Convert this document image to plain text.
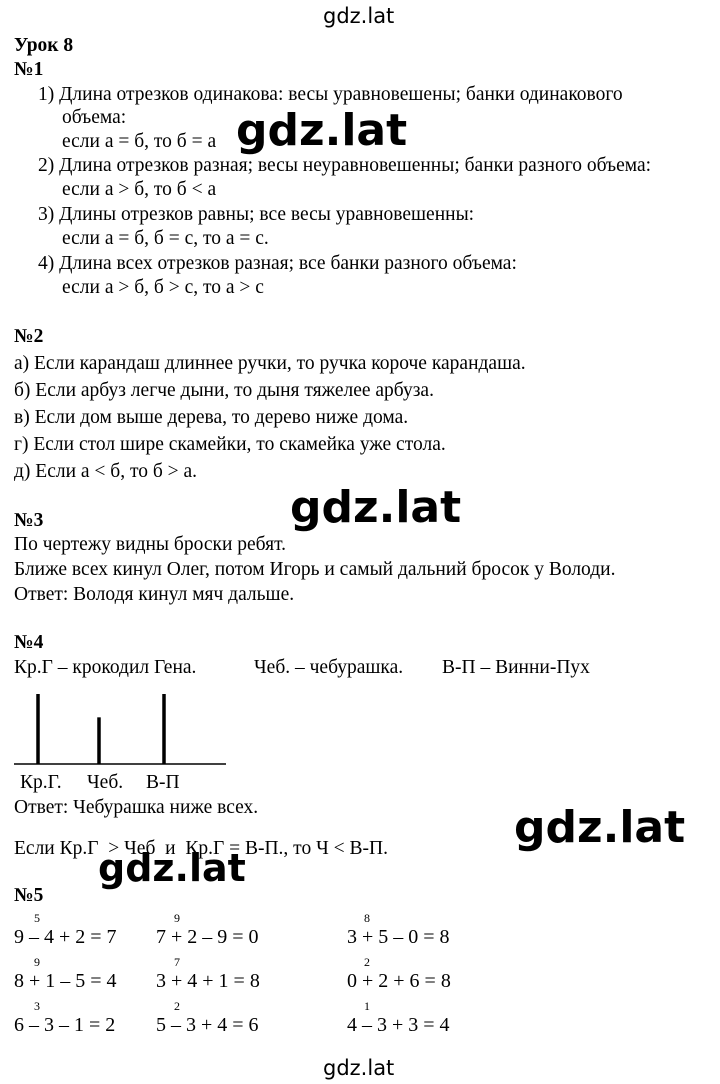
gdz.lat
gdz.lat
gdz.lat
gdz.lat
gdz.lat
gdz.lat
Урок 8
№1
1) Длина отрезков одинакова: весы уравновешены; банки одинакового
объема:
если а = б, то б = а
2) Длина отрезков разная; весы неуравновешенны; банки разного объема:
если а > б, то б < а
3) Длины отрезков равны; все весы уравновешенны:
если а = б, б = с, то а = с.
4) Длина всех отрезков разная; все банки разного объема:
если а > б, б > с, то а > с
№2
а) Если карандаш длиннее ручки, то ручка короче карандаша.
б) Если арбуз легче дыни, то дыня тяжелее арбуза.
в) Если дом выше дерева, то дерево ниже дома.
г) Если стол шире скамейки, то скамейка уже стола.
д) Если а < б, то б > а.
№3
По чертежу видны броски ребят.
Ближе всех кинул Олег, потом Игорь и самый дальний бросок у Володи.
Ответ: Володя кинул мяч дальше.
№4
Кр.Г – крокодил Гена.	Чеб. – чебурашка. В-П – Винни-Пух
Кр.Г. Чеб. В-П
Ответ: Чебурашка ниже всех.
Если Кр.Г  > Чеб  и  Кр.Г = В-П., то Ч < В-П.
№5
5
9 – 4 + 2 = 7
9
7 + 2 – 9 = 0
8
3 + 5 – 0 = 8
9
8 + 1 – 5 = 4
7
3 + 4 + 1 = 8
2
0 + 2 + 6 = 8
3
6 – 3 – 1 = 2
2
5 – 3 + 4 = 6
1
4 – 3 + 3 = 4
